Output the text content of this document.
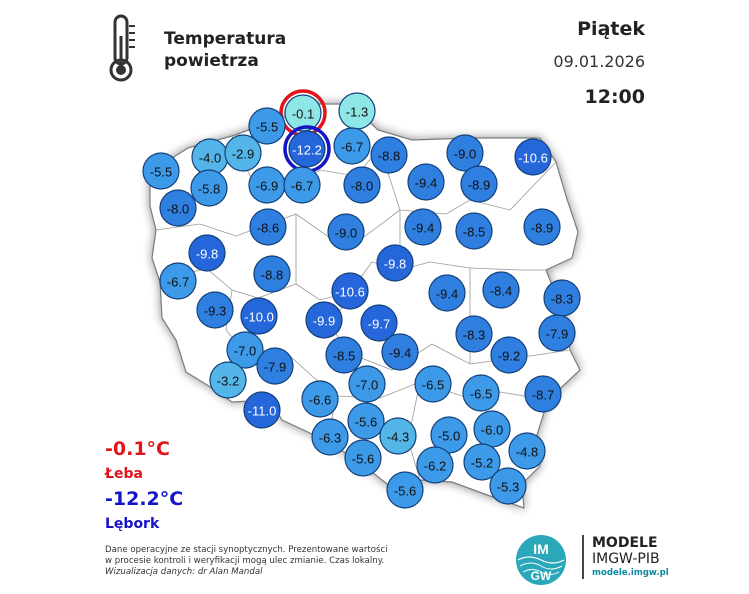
Temperatura
powietrza
Piątek
09.01.2026
12:00
-0.1 -1.3
-5.5
-12.2 -6.7
-8.8	-9.0	-10.6
-5.5
-4.0 -2.9
-5.8	-6.9 -6.7	-8.0	-9.4 -8.9
-8.0
-8.6	-9.0	-9.4 -8.5	-8.9
-9.8
-9.8
-6.7	-8.8
-10.6	-9.4 -8.4
-8.3
-9.3 -10.0	-9.9	-9.7
-8.3	-7.9
-7.0
-7.9
-8.5	-9.4	-9.2
-3.2	-7.0	-6.5
-6.5	-8.7
-6.6
-11.0
-5.6
-6.0
-6.3	-4.3 -5.0
-4.8
-5.6	-6.2 -5.2
-5.6	-5.3
-0.1°C
Łeba
-12.2°C
Lębork
Dane operacyjne ze stacji synoptycznych. Prezentowane wartości
w procesie kontroli i weryfikacji mogą ulec zmianie. Czas lokalny.
Wizualizacja danych: dr Alan Mandal
IM
GW
MODELE
IMGW-PIB
modele.imgw.pl
